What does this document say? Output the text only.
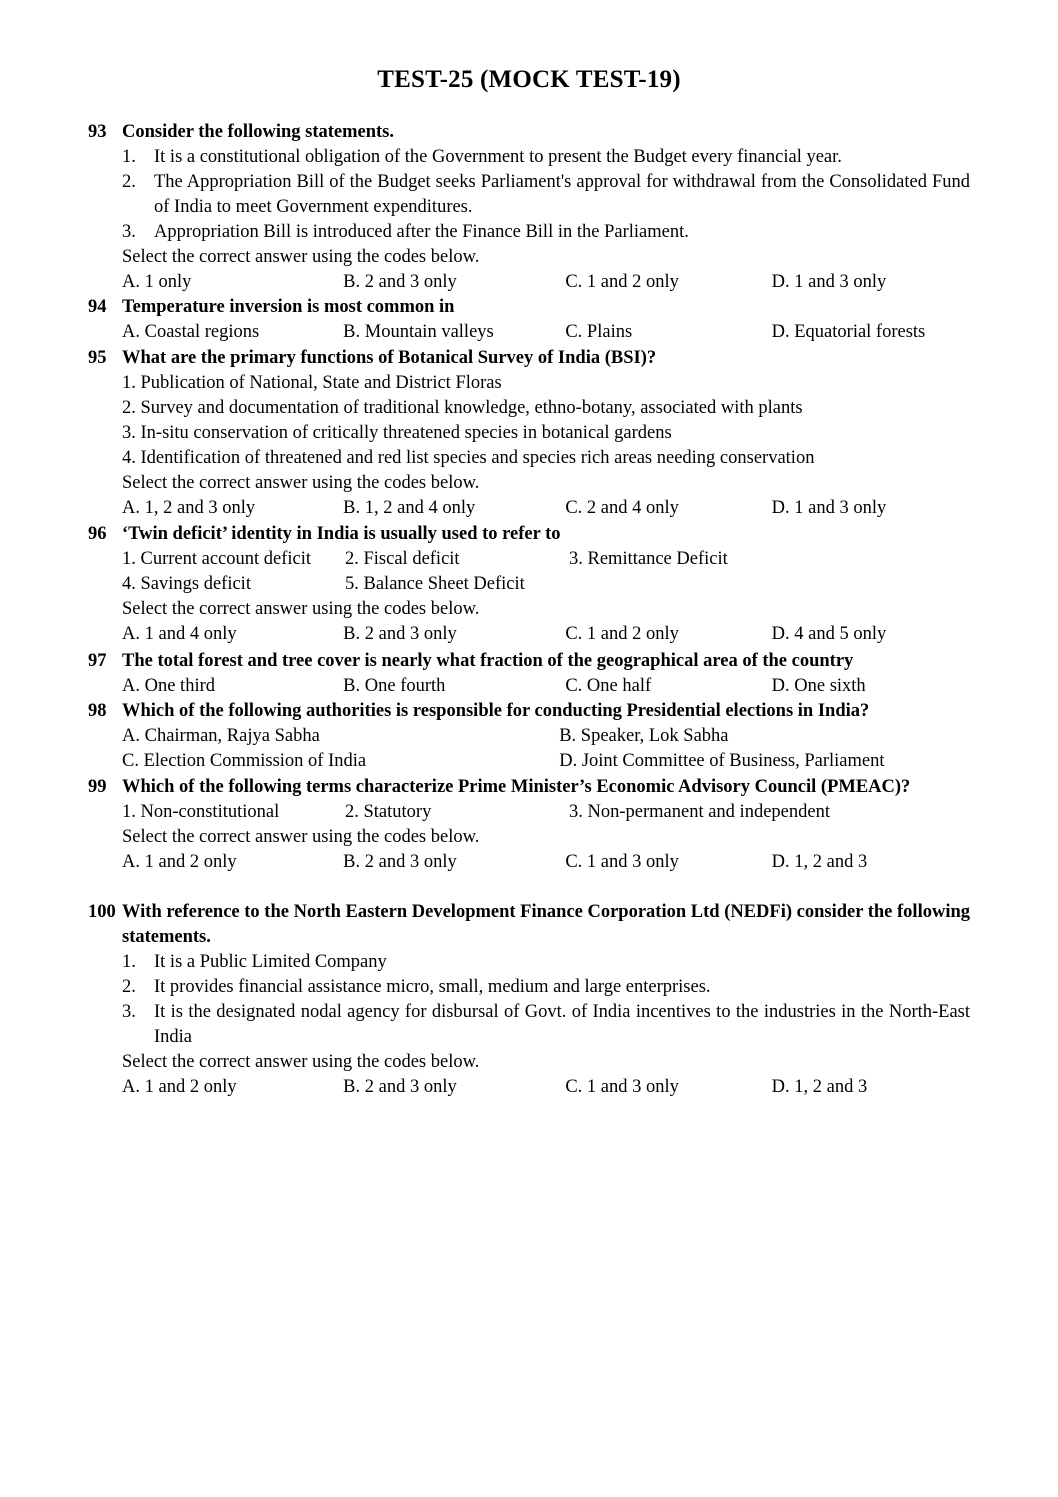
TEST-25 (MOCK TEST-19)
93 Consider the following statements.
1. It is a constitutional obligation of the Government to present the Budget every financial year.
2. The Appropriation Bill of the Budget seeks Parliament's approval for withdrawal from the Consolidated Fund of India to meet Government expenditures.
3. Appropriation Bill is introduced after the Finance Bill in the Parliament.
Select the correct answer using the codes below.
A. 1 only	B. 2 and 3 only	C. 1 and 2 only	D. 1 and 3 only
94 Temperature inversion is most common in
A. Coastal regions	B. Mountain valleys	C. Plains	D. Equatorial forests
95 What are the primary functions of Botanical Survey of India (BSI)?
1. Publication of National, State and District Floras
2. Survey and documentation of traditional knowledge, ethno-botany, associated with plants
3. In-situ conservation of critically threatened species in botanical gardens
4. Identification of threatened and red list species and species rich areas needing conservation
Select the correct answer using the codes below.
A. 1, 2 and 3 only	B. 1, 2 and 4 only	C. 2 and 4 only	D. 1 and 3 only
96 ‘Twin deficit’ identity in India is usually used to refer to
1. Current account deficit	2. Fiscal deficit	3. Remittance Deficit
4. Savings deficit	5. Balance Sheet Deficit
Select the correct answer using the codes below.
A. 1 and 4 only	B. 2 and 3 only	C. 1 and 2 only	D. 4 and 5 only
97 The total forest and tree cover is nearly what fraction of the geographical area of the country
A. One third	B. One fourth	C. One half	D. One sixth
98 Which of the following authorities is responsible for conducting Presidential elections in India?
A. Chairman, Rajya Sabha	B. Speaker, Lok Sabha
C. Election Commission of India	D. Joint Committee of Business, Parliament
99 Which of the following terms characterize Prime Minister’s Economic Advisory Council (PMEAC)?
1. Non-constitutional	2. Statutory	3. Non-permanent and independent
Select the correct answer using the codes below.
A. 1 and 2 only	B. 2 and 3 only	C. 1 and 3 only	D. 1, 2 and 3
100 With reference to the North Eastern Development Finance Corporation Ltd (NEDFi) consider the following statements.
1. It is a Public Limited Company
2. It provides financial assistance micro, small, medium and large enterprises.
3. It is the designated nodal agency for disbursal of Govt. of India incentives to the industries in the North-East India
Select the correct answer using the codes below.
A. 1 and 2 only	B. 2 and 3 only	C. 1 and 3 only	D. 1, 2 and 3
